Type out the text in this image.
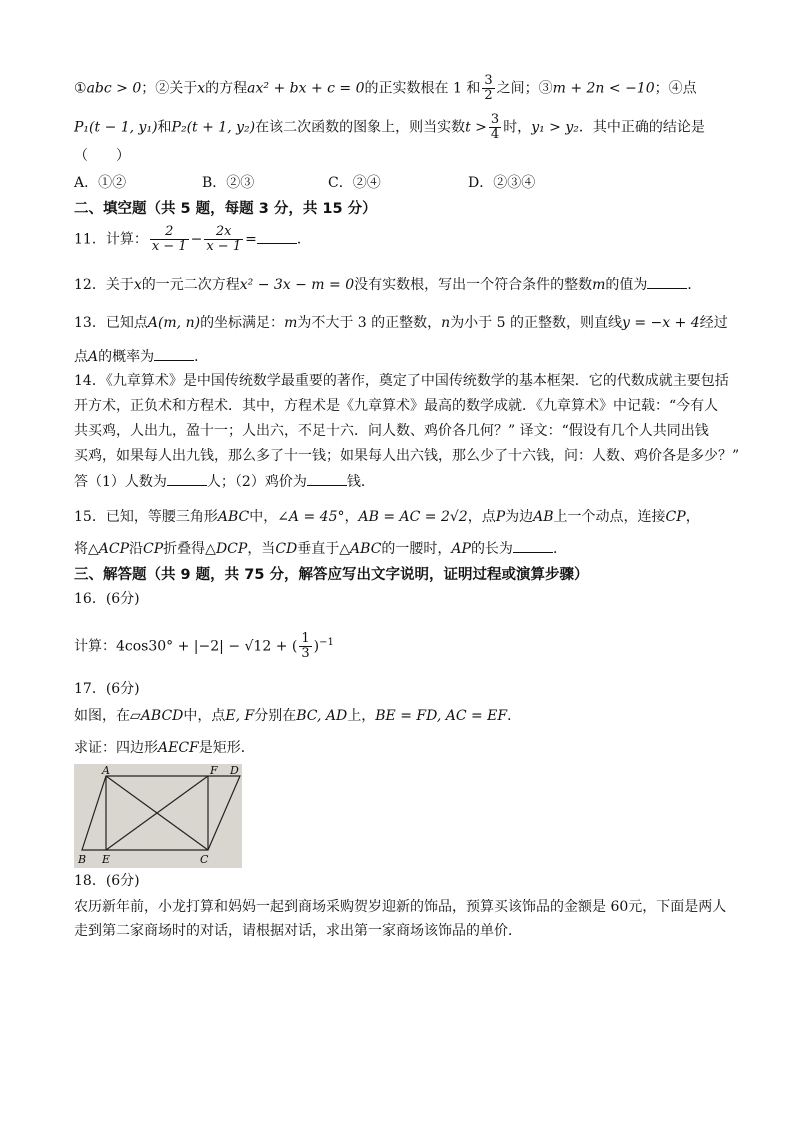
①abc > 0；②关于x的方程ax² + bx + c = 0的正实数根在 1 和 $\frac{3}{2}$ 之间；③m + 2n < −10；④点
P₁(t − 1, y₁)和P₂(t + 1, y₂)在该二次函数的图象上，则当实数$t > \frac{3}{4}$ 时，y₁ > y₂．其中正确的结论是
（　　）
A．①②	B．②③	C．②④	D．②③④
二、填空题（共 5 题，每题 3 分，共 15 分）
11．计算： $\frac{2}{x - 1} - \frac{2x}{x - 1}$ =	．
12．关于x的一元二次方程x² − 3x − m = 0没有实数根，写出一个符合条件的整数m的值为	．
13．已知点A(m, n)的坐标满足：m为不大于 3 的正整数，n为小于 5 的正整数，则直线y = −x + 4经过
点A的概率为	．
14．《九章算术》是中国传统数学最重要的著作，奠定了中国传统数学的基本框架．它的代数成就主要包括
开方术，正负术和方程术．其中，方程术是《九章算术》最高的数学成就．《九章算术》中记载：“今有人
共买鸡，人出九，盈十一；人出六，不足十六．问人数、鸡价各几何？” 译文：“假设有几个人共同出钱
买鸡，如果每人出九钱，那么多了十一钱；如果每人出六钱，那么少了十六钱，问：人数、鸡价各是多少？”
答（1）人数为	人；（2）鸡价为	钱．
15．已知，等腰三角形ABC中，∠A = 45°，AB = AC = 2√2，点P为边AB上一个动点，连接CP，
将△ACP沿CP折叠得△DCP，当CD垂直于△ABC的一腰时，AP的长为	．
三、解答题（共 9 题，共 75 分，解答应写出文字说明，证明过程或演算步骤）
16．(6分)
计算：4cos30° + |−2| − √12 + ( $\frac{1}{3} )^{-1}$
17．(6分)
如图，在▱ABCD中，点E, F分别在BC, AD上，BE = FD, AC = EF．
求证：四边形AECF是矩形．
A	F D
B E	C
18．(6分)
农历新年前，小龙打算和妈妈一起到商场采购贺岁迎新的饰品，预算买该饰品的金额是 60元，下面是两人
走到第二家商场时的对话，请根据对话，求出第一家商场该饰品的单价．
